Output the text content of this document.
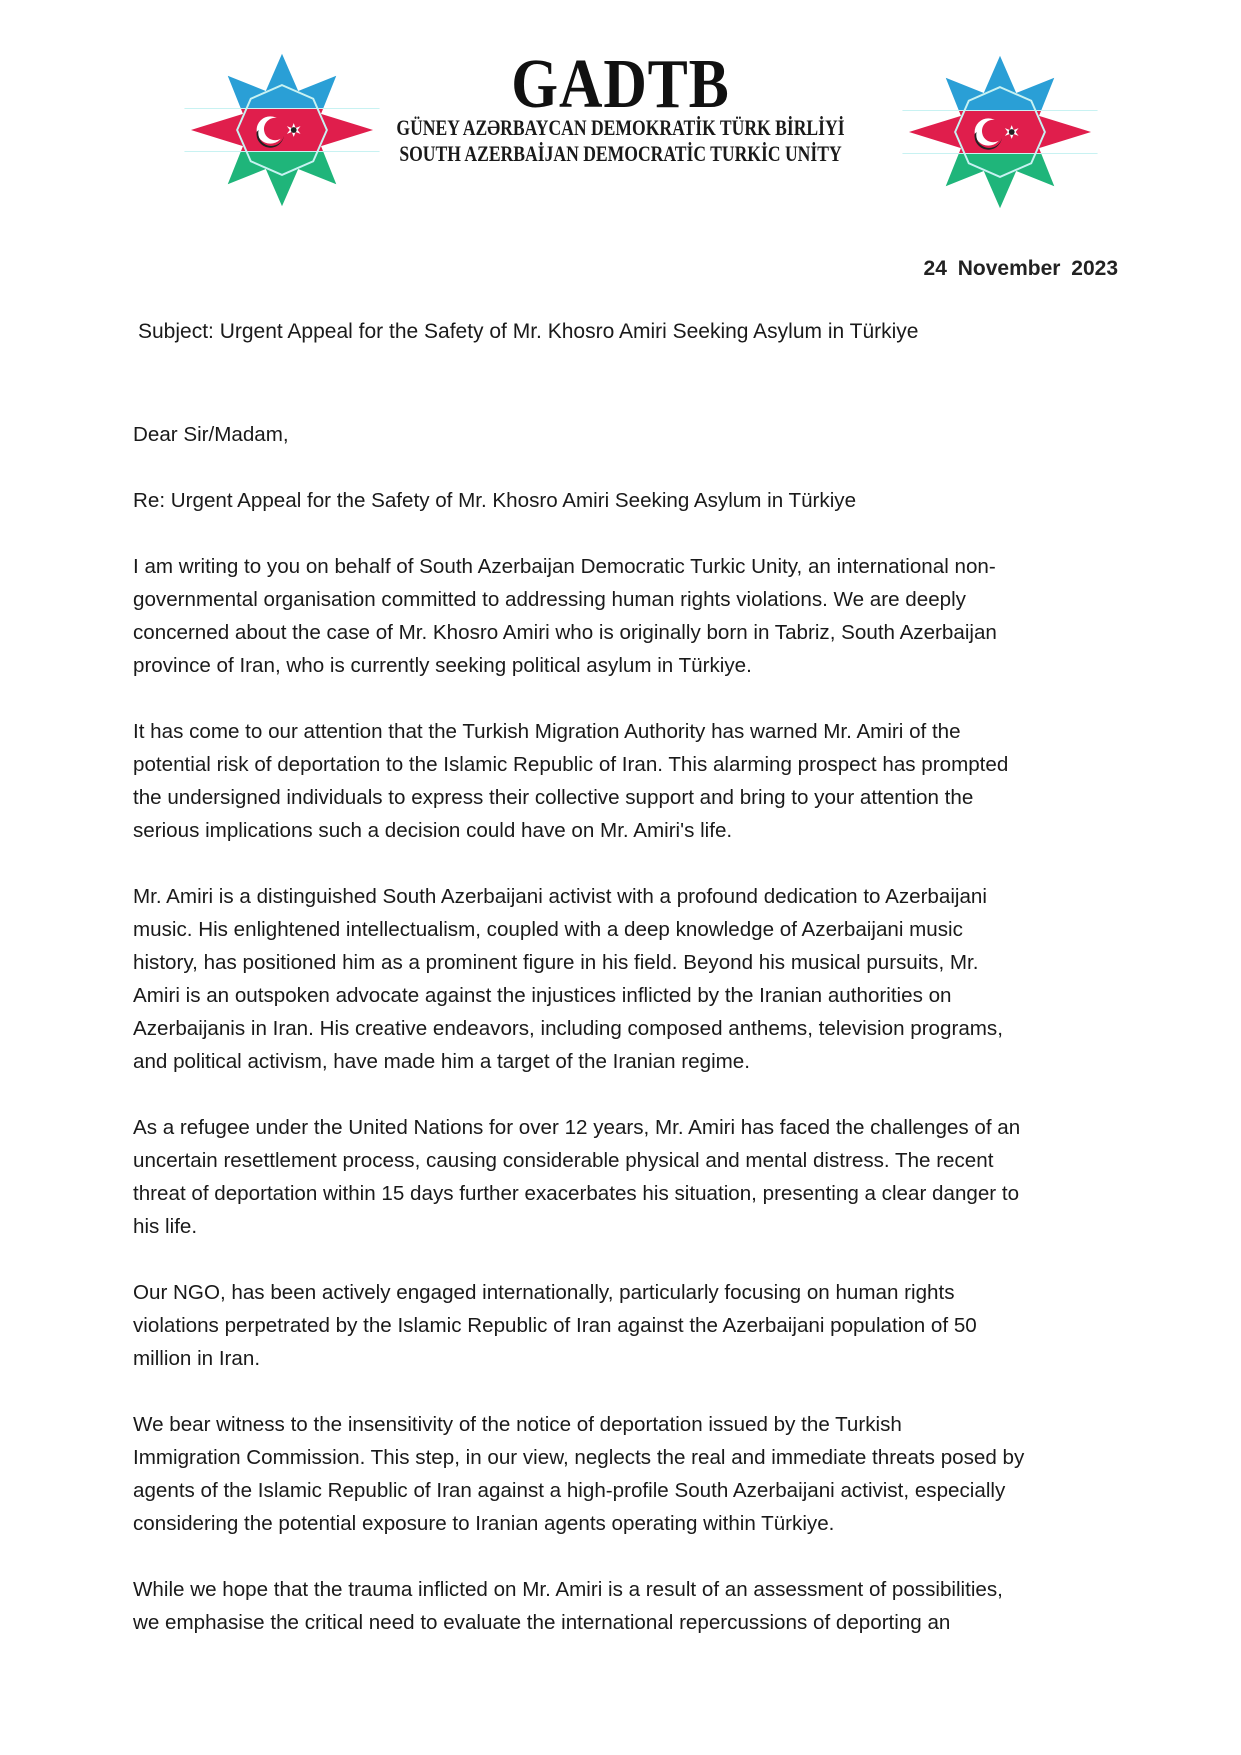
GADTB
GÜNEY AZƏRBAYCAN DEMOKRATİK TÜRK BİRLİYİ
SOUTH AZERBAİJAN DEMOCRATİC TURKİC UNİTY
24 November 2023
Subject: Urgent Appeal for the Safety of Mr. Khosro Amiri Seeking Asylum in Türkiye

Dear Sir/Madam,

Re: Urgent Appeal for the Safety of Mr. Khosro Amiri Seeking Asylum in Türkiye

I am writing to you on behalf of South Azerbaijan Democratic Turkic Unity, an international non-
governmental organisation committed to addressing human rights violations. We are deeply
concerned about the case of Mr. Khosro Amiri who is originally born in Tabriz, South Azerbaijan
province of Iran, who is currently seeking political asylum in Türkiye.

It has come to our attention that the Turkish Migration Authority has warned Mr. Amiri of the
potential risk of deportation to the Islamic Republic of Iran. This alarming prospect has prompted
the undersigned individuals to express their collective support and bring to your attention the
serious implications such a decision could have on Mr. Amiri's life.

Mr. Amiri is a distinguished South Azerbaijani activist with a profound dedication to Azerbaijani
music. His enlightened intellectualism, coupled with a deep knowledge of Azerbaijani music
history, has positioned him as a prominent figure in his field. Beyond his musical pursuits, Mr.
Amiri is an outspoken advocate against the injustices inflicted by the Iranian authorities on
Azerbaijanis in Iran. His creative endeavors, including composed anthems, television programs,
and political activism, have made him a target of the Iranian regime.

As a refugee under the United Nations for over 12 years, Mr. Amiri has faced the challenges of an
uncertain resettlement process, causing considerable physical and mental distress. The recent
threat of deportation within 15 days further exacerbates his situation, presenting a clear danger to
his life.

Our NGO, has been actively engaged internationally, particularly focusing on human rights
violations perpetrated by the Islamic Republic of Iran against the Azerbaijani population of 50
million in Iran.

We bear witness to the insensitivity of the notice of deportation issued by the Turkish
Immigration Commission. This step, in our view, neglects the real and immediate threats posed by
agents of the Islamic Republic of Iran against a high-profile South Azerbaijani activist, especially
considering the potential exposure to Iranian agents operating within Türkiye.

While we hope that the trauma inflicted on Mr. Amiri is a result of an assessment of possibilities,
we emphasise the critical need to evaluate the international repercussions of deporting an
